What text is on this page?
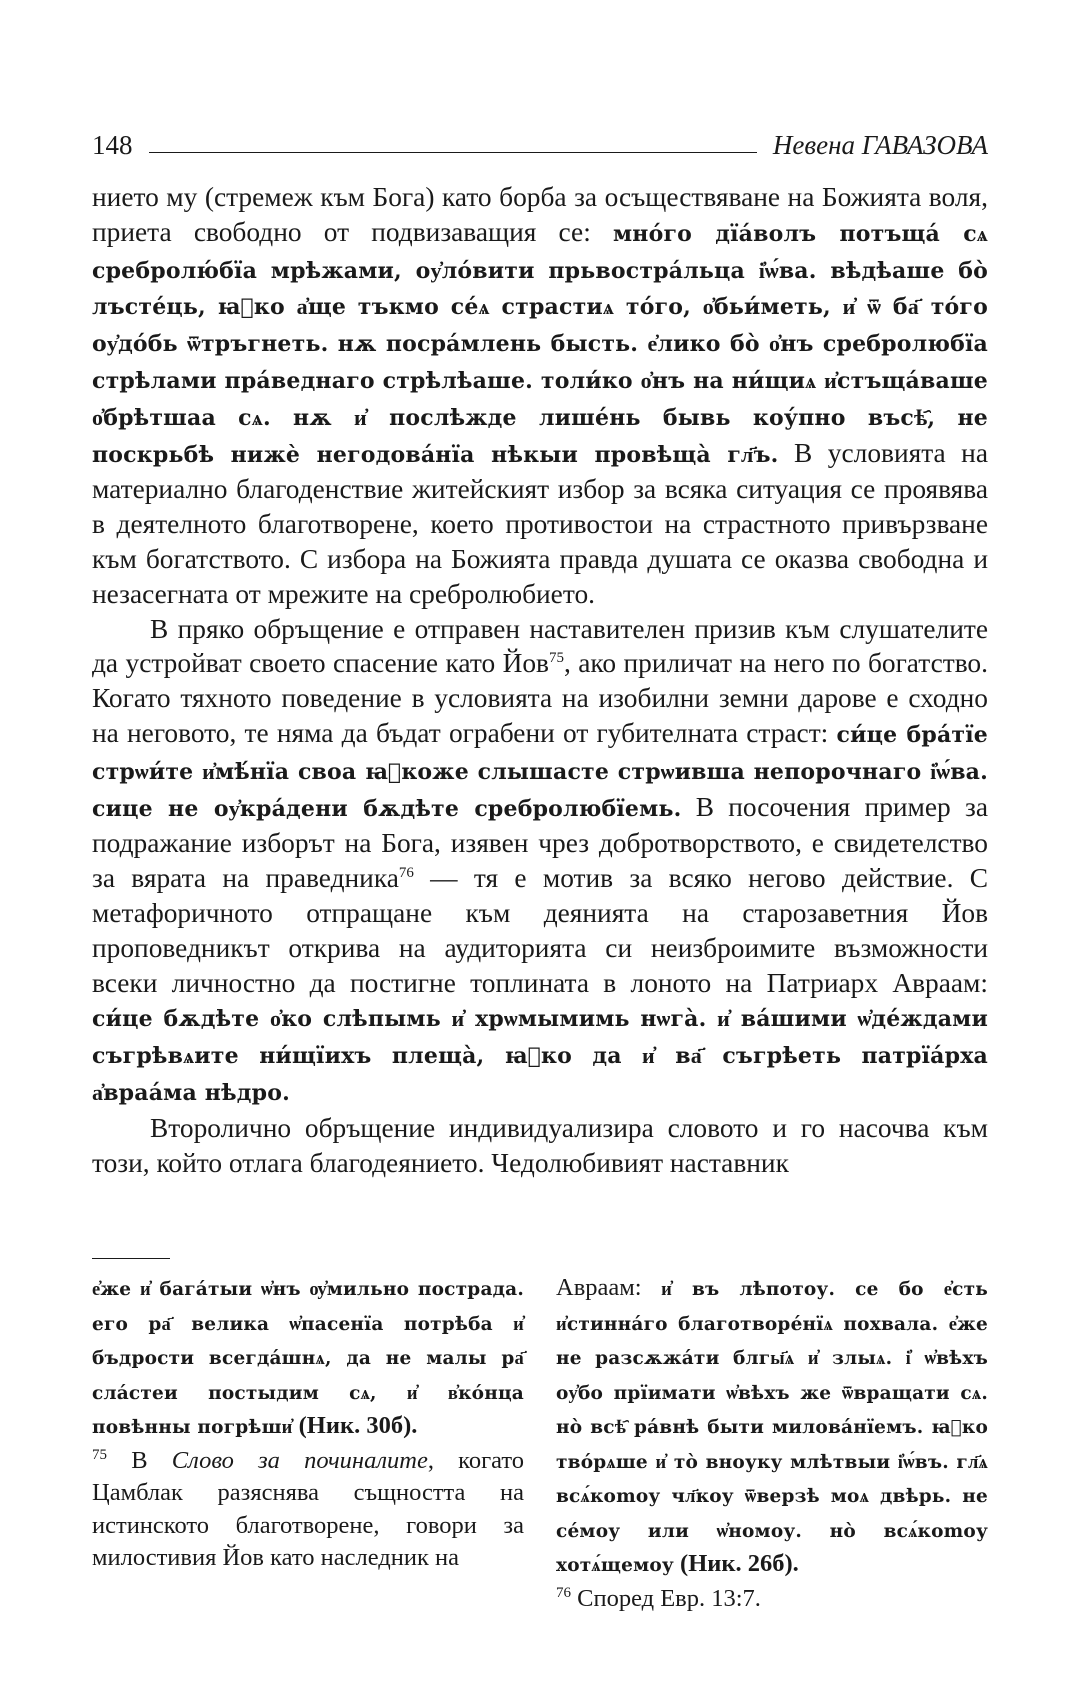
148	Невена ГАВАЗОВА

нието му (стремеж към Бога) като борба за осъществяване на Божията воля, приета свободно от подвизаващия се: мно́го дїа́волъ потъща́ сѧ сребролю́бїа мрѣжами, оу҆ло́вити прьвостра́льца і҆ѡ́ва. вѣдѣаше бо̀ лъсте́ць, ꙗ҆ко а҆ще тъкмо се́ѧ страстиѧ то́го, о҆бьи́меть, и҆ ѿ ба҃ то́го оу҆до́бь ѿтръгнеть. нѫ посра́млень бысть. е҆лико бо̀ о҆нъ сребролюбїа стрѣлами пра́веднаго стрѣлѣаше. толи́ко о҆нъ на ни́щиѧ и҆стъща́ваше о҆брѣтшаа сѧ. нѫ и҆ послѣжде лише́нь бывь коу́пно въсѣ҄, не поскрьбѣ нижѐ негодова́нїа нѣкыи провѣща̀ гл҃ъ. В условията на материално благоденствие житейският избор за всяка ситуация се проявява в деятелното благотворене, което противостои на страстното привързване към богатството. С избора на Божията правда душата се оказва свободна и незасегната от мрежите на сребролюбието.

В пряко обръщение е отправен наставителен призив към слушателите да устройват своето спасение като Йов$^{75}$, ако приличат на него по богатство. Когато тяхното поведение в условията на изобилни земни дарове е сходно на неговото, те няма да бъдат ограбени от губителната страст: си́це бра́тїе стрѡи́те и҆мѣ́нїа своа ꙗ҆коже слышасте стрѡивша непорочнаго і҆ѡ́ва. сице не оу҆кра́дени бѫдѣте сребролюбїемь. В посочения пример за подражание изборът на Бога, изявен чрез добротворството, е свидетелство за вярата на праведника$^{76}$ — тя е мотив за всяко негово действие. С метафоричното отпращане към деянията на старозаветния Йов проповедникът открива на аудиторията си неизброимите възможности всеки личностно да постигне топлината в лоното на Патриарх Авраам: си́це бѫдѣте о҆ко слѣпымь и҆ хрѡмымимь нѡга̀. и҆ ва́шими ѡ҆де́ждами съгрѣвѧите ни́щїихъ плеща̀, ꙗ҆ко да и҆ ва҃ съгрѣеть патрїа́рха а҆враа́ма нѣдро.

Второлично обръщение индивидуализира словото и го насочва към този, който отлага благодеянието. Чедолюбивият наставник

е҆же и҆ бага́тыи ѡ҆нъ ѹ҆мильно пострада. его ра҃ велика ѡ҆пасенїа потрѣба и҆ бъдрости всегда́шнѧ, да не малы ра҃ сла́стеи постыдим сѧ, и҆ в҆ко́нца повѣнны погрѣши҆ (Ник. 30б).

$^{75}$ В Слово за починалите, когато Цамблак разяснява същността на истинското благотворене, говори за милостивия Йов като наследник на

Авраам: и҆ въ лѣпотоу. се бо е҆сть и҆стинна́го благотворе́нїѧ похвала. е҆же не разсѫжа́ти блгы҃ѧ и҆ злыѧ. і҆ ѡ҆вѣхъ оу҆бо прїимати ѡ҆вѣхъ же ѿвращати сѧ. но̀ всѣ҄ ра́внѣ быти милова́нїемъ. ꙗ҆ко тво́рѧше и҆ то̀ вноуку млѣтвыи і҆ѡ́въ. гл҃ѧ всѧ́коmoу чл҃коу ѿверзѣ моѧ двѣрь. не се́моу или ѡ҆номоу. но̀ всѧ́коmoу хотѧ́щемоу (Ник. 26б).

$^{76}$ Според Евр. 13:7.
